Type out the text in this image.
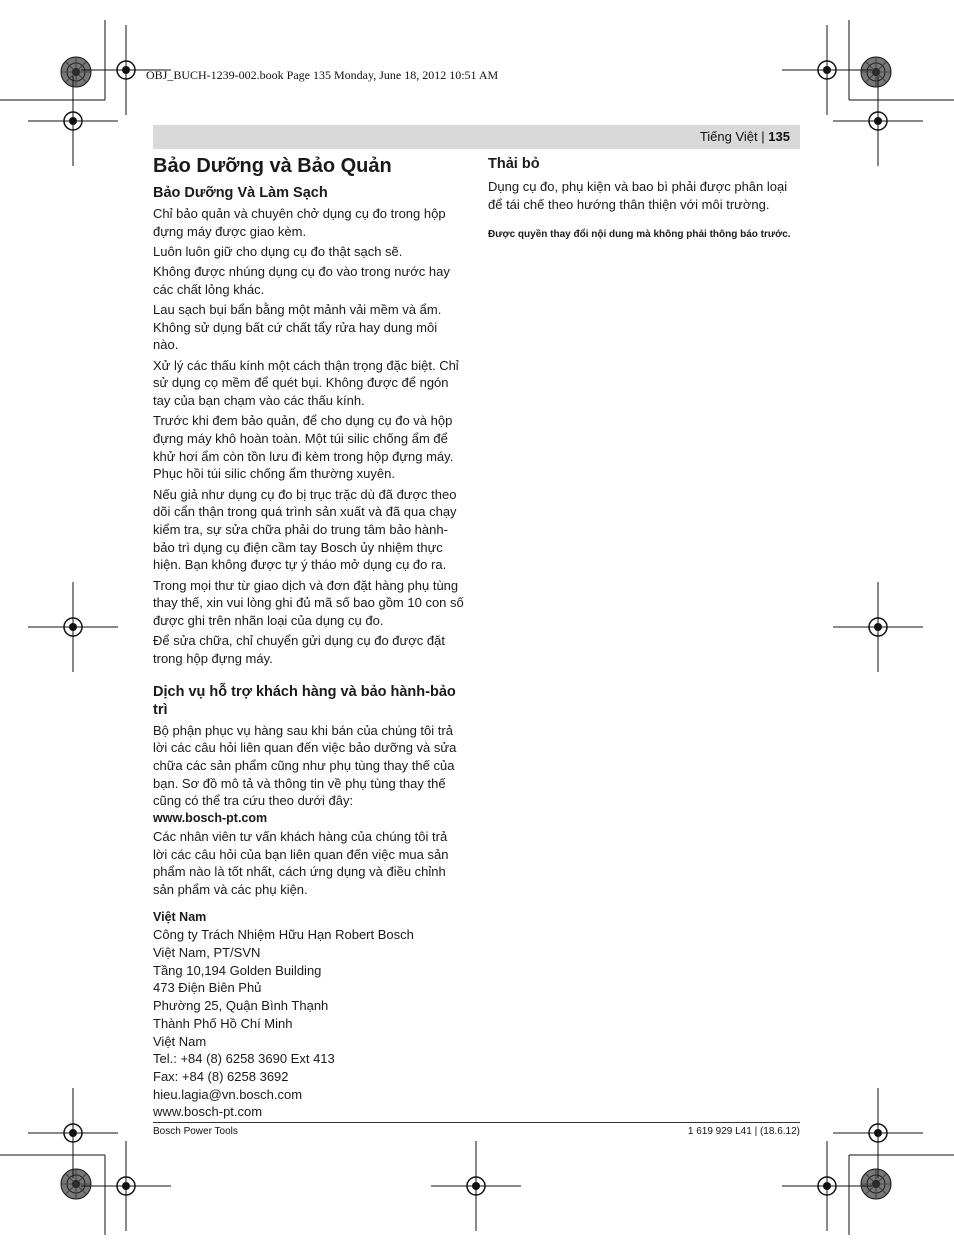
OBJ_BUCH-1239-002.book Page 135 Monday, June 18, 2012 10:51 AM
Tiếng Việt | 135
Bảo Dưỡng và Bảo Quản
Bảo Dưỡng Và Làm Sạch

Chỉ bảo quản và chuyên chở dụng cụ đo trong hộp đựng máy được giao kèm.

Luôn luôn giữ cho dụng cụ đo thật sạch sẽ.

Không được nhúng dụng cụ đo vào trong nước hay các chất lỏng khác.

Lau sạch bụi bẩn bằng một mảnh vải mềm và ẩm. Không sử dụng bất cứ chất tẩy rửa hay dung môi nào.

Xử lý các thấu kính một cách thận trọng đặc biệt. Chỉ sử dụng cọ mềm để quét bụi. Không được để ngón tay của bạn chạm vào các thấu kính.

Trước khi đem bảo quản, để cho dụng cụ đo và hộp đựng máy khô hoàn toàn. Một túi silic chống ẩm để khử hơi ẩm còn tồn lưu đi kèm trong hộp đựng máy. Phục hồi túi silic chống ẩm thường xuyên.

Nếu giả như dụng cụ đo bị trục trặc dù đã được theo dõi cẩn thận trong quá trình sản xuất và đã qua chạy kiểm tra, sự sửa chữa phải do trung tâm bảo hành-bảo trì dụng cụ điện cầm tay Bosch ủy nhiệm thực hiện. Bạn không được tự ý tháo mở dụng cụ đo ra.

Trong mọi thư từ giao dịch và đơn đặt hàng phụ tùng thay thế, xin vui lòng ghi đủ mã số bao gồm 10 con số được ghi trên nhãn loại của dụng cụ đo.

Để sửa chữa, chỉ chuyển gửi dụng cụ đo được đặt trong hộp đựng máy.

Dịch vụ hỗ trợ khách hàng và bảo hành-bảo trì

Bộ phận phục vụ hàng sau khi bán của chúng tôi trả lời các câu hỏi liên quan đến việc bảo dưỡng và sửa chữa các sản phẩm cũng như phụ tùng thay thế của bạn. Sơ đồ mô tả và thông tin về phụ tùng thay thế cũng có thể tra cứu theo dưới đây:

www.bosch-pt.com

Các nhân viên tư vấn khách hàng của chúng tôi trả lời các câu hỏi của bạn liên quan đến việc mua sản phẩm nào là tốt nhất, cách ứng dụng và điều chỉnh sản phẩm và các phụ kiện.

Việt Nam
Công ty Trách Nhiệm Hữu Hạn Robert Bosch
Việt Nam, PT/SVN
Tầng 10,194 Golden Building
473 Điện Biên Phủ
Phường 25, Quận Bình Thạnh
Thành Phố Hồ Chí Minh
Việt Nam
Tel.: +84 (8) 6258 3690 Ext 413
Fax: +84 (8) 6258 3692
hieu.lagia@vn.bosch.com
www.bosch-pt.com
Thải bỏ

Dụng cụ đo, phụ kiện và bao bì phải được phân loại để tái chế theo hướng thân thiện với môi trường.

Được quyền thay đổi nội dung mà không phải thông báo trước.
Bosch Power Tools	1 619 929 L41 | (18.6.12)
